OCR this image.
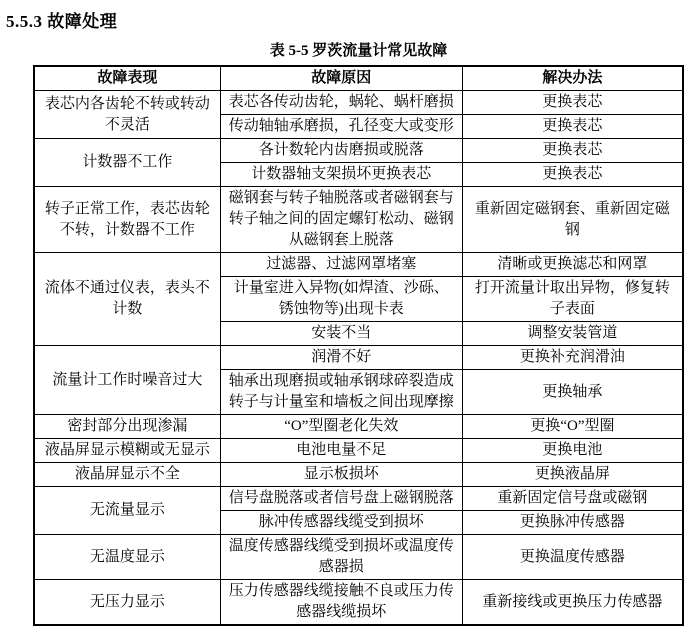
5.5.3 故障处理
表 5-5 罗茨流量计常见故障
故障表现	故障原因	解决办法
表芯内各齿轮不转或转动不灵活	表芯各传动齿轮，蜗轮、蜗杆磨损	更换表芯
	传动轴轴承磨损，孔径变大或变形	更换表芯
计数器不工作	各计数轮内齿磨损或脱落	更换表芯
	计数器轴支架损坏更换表芯	更换表芯
转子正常工作，表芯齿轮不转，计数器不工作	磁钢套与转子轴脱落或者磁钢套与转子轴之间的固定螺钉松动、磁钢从磁钢套上脱落	重新固定磁钢套、重新固定磁钢
流体不通过仪表，表头不计数	过滤器、过滤网罩堵塞	清晰或更换滤芯和网罩
	计量室进入异物(如焊渣、沙砾、锈蚀物等)出现卡表	打开流量计取出异物，修复转子表面
	安装不当	调整安装管道
流量计工作时噪音过大	润滑不好	更换补充润滑油
	轴承出现磨损或轴承钢球碎裂造成转子与计量室和墙板之间出现摩擦	更换轴承
密封部分出现渗漏	“O”型圈老化失效	更换“O”型圈
液晶屏显示模糊或无显示	电池电量不足	更换电池
液晶屏显示不全	显示板损坏	更换液晶屏
无流量显示	信号盘脱落或者信号盘上磁钢脱落	重新固定信号盘或磁钢
	脉冲传感器线缆受到损坏	更换脉冲传感器
无温度显示	温度传感器线缆受到损坏或温度传感器损	更换温度传感器
无压力显示	压力传感器线缆接触不良或压力传感器线缆损坏	重新接线或更换压力传感器
